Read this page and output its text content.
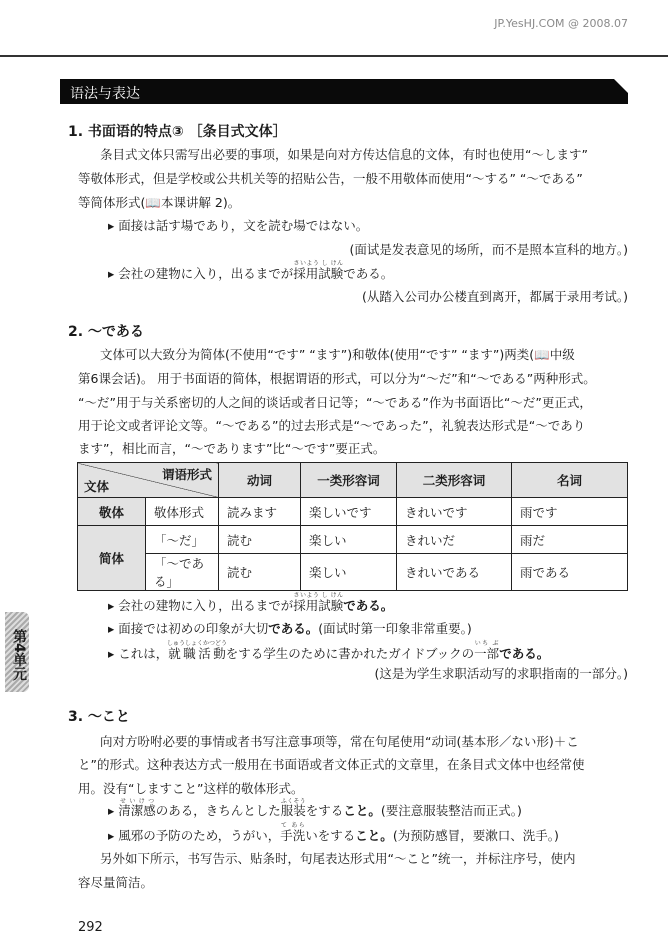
JP.YesHJ.COM @ 2008.07
语法与表达
1. 书面语的特点③ ［条目式文体］
条目式文体只需写出必要的事项，如果是向对方传达信息的文体，有时也使用“～します”
等敬体形式，但是学校或公共机关等的招贴公告，一般不用敬体而使用“～する” “～である”
等简体形式(📖本课讲解 2)。
▸ 面接は話す場であり，文を読む場ではない。
(面试是发表意见的场所，而不是照本宣科的地方。)
▸ 会社の建物に入り，出るまでが採用試験さいよう し けんである。
(从踏入公司办公楼直到离开，都属于录用考试。)
2. ～である
文体可以大致分为简体(不使用“です” “ます”)和敬体(使用“です” “ます”)两类(📖中级
第6课会话)。 用于书面语的简体，根据谓语的形式，可以分为“～だ”和“～である”两种形式。
“～だ”用于与关系密切的人之间的谈话或者日记等；“～である”作为书面语比“～だ”更正式，
用于论文或者评论文等。“～である”的过去形式是“～であった”，礼貌表达形式是“～であり
ます”，相比而言，“～であります”比“～です”要正式。
谓语形式
文体		动词	一类形容词	二类形容词	名词
敬体	敬体形式	読みます	楽しいです	きれいです	雨です
简体	「～だ」	読む	楽しい	きれいだ	雨だ
	「～である」	読む	楽しい	きれいである	雨である
▸ 会社の建物に入り，出るまでが採用試験さいよう し けんである。
▸ 面接では初めの印象が大切である。(面试时第一印象非常重要。)
▸ これは，就職活動しゅうしょくかつどうをする学生のために書かれたガイドブックの一部いち ぶである。
(这是为学生求职活动写的求职指南的一部分。)
第4单元
3. ～こと
向对方吩咐必要的事情或者书写注意事项等，常在句尾使用“动词(基本形／ない形)＋こ
と”的形式。这种表达方式一般用在书面语或者文体正式的文章里，在条目式文体中也经常使
用。没有“しますこと”这样的敬体形式。
▸ 清潔感せいけつのある，きちんとした服装ふくそうをすること。(要注意服装整洁而正式。)
▸ 風邪の予防のため，うがい，手洗て あらいをすること。(为预防感冒，要漱口、洗手。)
另外如下所示，书写告示、贴条时，句尾表达形式用“～こと”统一，并标注序号，使内
容尽量简洁。
292
